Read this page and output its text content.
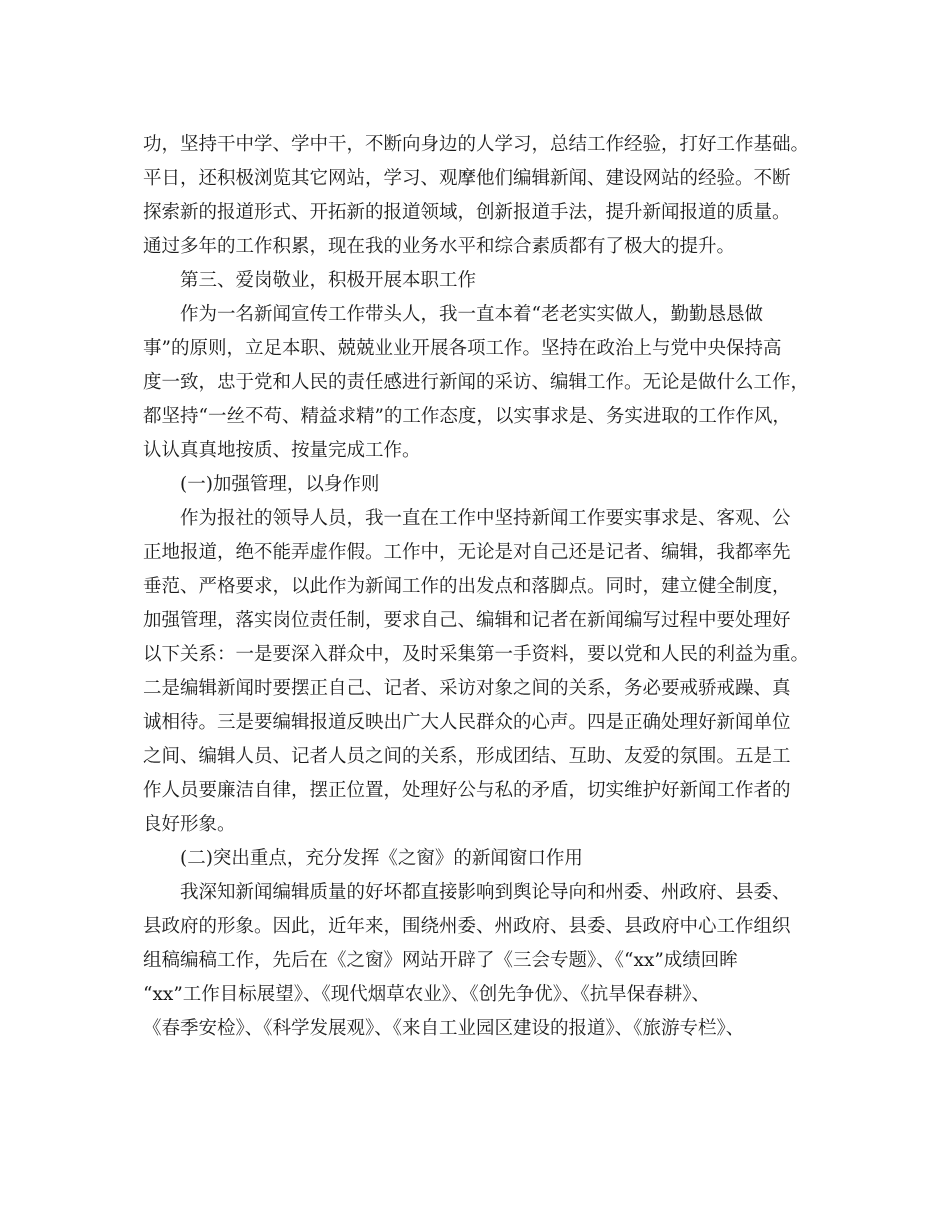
功，坚持干中学、学中干，不断向身边的人学习，总结工作经验，打好工作基础。
平日，还积极浏览其它网站，学习、观摩他们编辑新闻、建设网站的经验。不断
探索新的报道形式、开拓新的报道领域，创新报道手法，提升新闻报道的质量。
通过多年的工作积累，现在我的业务水平和综合素质都有了极大的提升。
第三、爱岗敬业，积极开展本职工作
作为一名新闻宣传工作带头人，我一直本着“老老实实做人，勤勤恳恳做
事”的原则，立足本职、兢兢业业开展各项工作。坚持在政治上与党中央保持高
度一致，忠于党和人民的责任感进行新闻的采访、编辑工作。无论是做什么工作，
都坚持“一丝不苟、精益求精”的工作态度，以实事求是、务实进取的工作作风，
认认真真地按质、按量完成工作。
(一)加强管理，以身作则
作为报社的领导人员，我一直在工作中坚持新闻工作要实事求是、客观、公
正地报道，绝不能弄虚作假。工作中，无论是对自己还是记者、编辑，我都率先
垂范、严格要求，以此作为新闻工作的出发点和落脚点。同时，建立健全制度，
加强管理，落实岗位责任制，要求自己、编辑和记者在新闻编写过程中要处理好
以下关系：一是要深入群众中，及时采集第一手资料，要以党和人民的利益为重。
二是编辑新闻时要摆正自己、记者、采访对象之间的关系，务必要戒骄戒躁、真
诚相待。三是要编辑报道反映出广大人民群众的心声。四是正确处理好新闻单位
之间、编辑人员、记者人员之间的关系，形成团结、互助、友爱的氛围。五是工
作人员要廉洁自律，摆正位置，处理好公与私的矛盾，切实维护好新闻工作者的
良好形象。
(二)突出重点，充分发挥《之窗》的新闻窗口作用
我深知新闻编辑质量的好坏都直接影响到舆论导向和州委、州政府、县委、
县政府的形象。因此，近年来，围绕州委、州政府、县委、县政府中心工作组织
组稿编稿工作，先后在《之窗》网站开辟了《三会专题》、《“xx”成绩回眸
“xx”工作目标展望》、《现代烟草农业》、《创先争优》、《抗旱保春耕》、
《春季安检》、《科学发展观》、《来自工业园区建设的报道》、《旅游专栏》、
